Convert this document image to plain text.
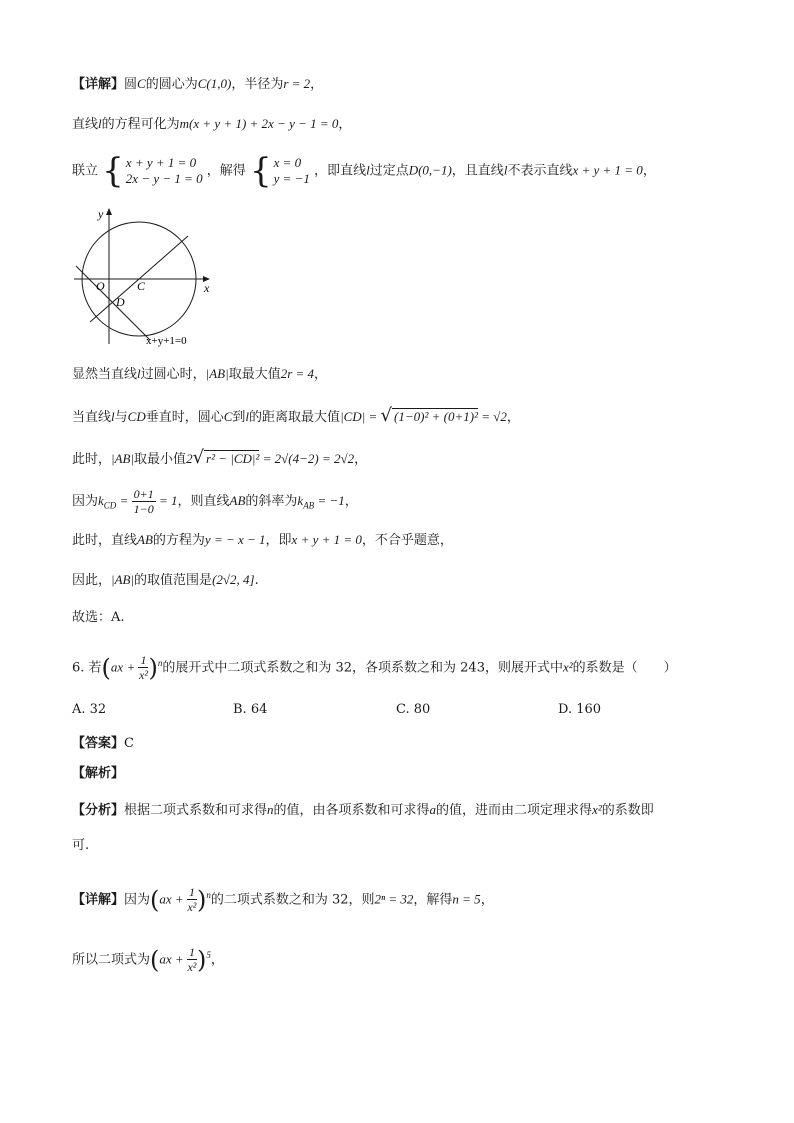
【详解】圆C的圆心为C(1,0)，半径为r = 2，
直线l的方程可化为m(x + y + 1) + 2x − y − 1 = 0，
联立 { x + y + 1 = 0
2x − y − 1 = 0 ，解得 { x = 0
y = −1 ，即直线l过定点D(0,−1)，且直线l不表示直线x + y + 1 = 0，
y
x
O	C
D
x+y+1=0
显然当直线l过圆心时，|AB|取最大值2r = 4，
当直线l与CD垂直时，圆心C到l的距离取最大值|CD| = √ (1−0)² + (0+1)² = √2，
此时，|AB|取最小值2√ r² − |CD|² = 2√(4−2) = 2√2，
因为$k_{CD} = \frac{0+1}{1-0} = 1$，则直线AB的斜率为$k_{AB} = -1$，
此时，直线AB的方程为y = − x − 1，即x + y + 1 = 0，不合乎题意，
因此，|AB|的取值范围是(2√2, 4].
故选：A.
6. 若$(ax + \frac{1}{\text{x²}} )^n$的展开式中二项式系数之和为 32，各项系数之和为 243，则展开式中x²的系数是（　　）
A. 32	B. 64	C. 80	D. 160
【答案】C
【解析】
【分析】根据二项式系数和可求得n的值，由各项系数和可求得a的值，进而由二项定理求得x²的系数即
可.
【详解】因为$(ax + \frac{1}{\text{x²}} )^n$的二项式系数之和为 32，则2ⁿ = 32，解得n = 5，
所以二项式为$(ax + \frac{1}{\text{x²}} )^5$，
